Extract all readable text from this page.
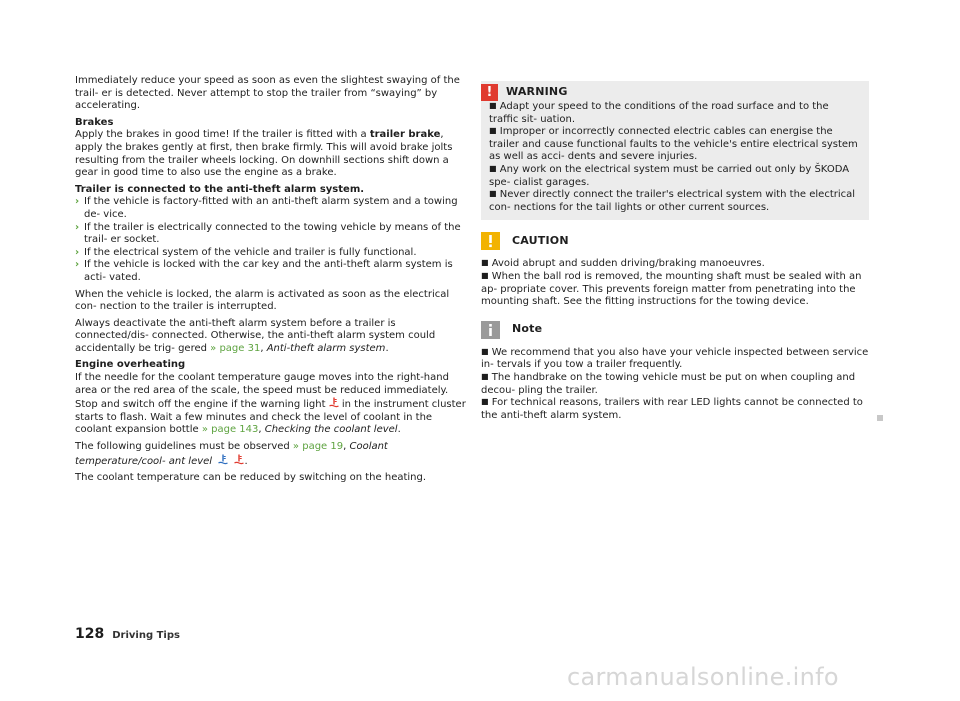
Immediately reduce your speed as soon as even the slightest swaying of the trail- er is detected. Never attempt to stop the trailer from “swaying” by accelerating.

Brakes
Apply the brakes in good time! If the trailer is fitted with a trailer brake, apply the brakes gently at first, then brake firmly. This will avoid brake jolts resulting from the trailer wheels locking. On downhill sections shift down a gear in good time to also use the engine as a brake.

Trailer is connected to the anti-theft alarm system.

› If the vehicle is factory-fitted with an anti-theft alarm system and a towing de- vice.

› If the trailer is electrically connected to the towing vehicle by means of the trail- er socket.

› If the electrical system of the vehicle and trailer is fully functional.

› If the vehicle is locked with the car key and the anti-theft alarm system is acti- vated.

When the vehicle is locked, the alarm is activated as soon as the electrical con- nection to the trailer is interrupted.

Always deactivate the anti-theft alarm system before a trailer is connected/dis- connected. Otherwise, the anti-theft alarm system could accidentally be trig- gered » page 31, Anti-theft alarm system.

Engine overheating
If the needle for the coolant temperature gauge moves into the right-hand area or the red area of the scale, the speed must be reduced immediately. Stop and switch off the engine if the warning light  in the instrument cluster starts to flash. Wait a few minutes and check the level of coolant in the coolant expansion bottle » page 143, Checking the coolant level.

The following guidelines must be observed » page 19, Coolant temperature/cool- ant level	.

The coolant temperature can be reduced by switching on the heating.

!	WARNING

■ Adapt your speed to the conditions of the road surface and to the traffic sit- uation.

■ Improper or incorrectly connected electric cables can energise the trailer and cause functional faults to the vehicle's entire electrical system as well as acci- dents and severe injuries.

■ Any work on the electrical system must be carried out only by ŠKODA spe- cialist garages.

■ Never directly connect the trailer's electrical system with the electrical con- nections for the tail lights or other current sources.

CAUTION

■ Avoid abrupt and sudden driving/braking manoeuvres.

■ When the ball rod is removed, the mounting shaft must be sealed with an ap- propriate cover. This prevents foreign matter from penetrating into the mounting shaft. See the fitting instructions for the towing device.

Note

■ We recommend that you also have your vehicle inspected between service in- tervals if you tow a trailer frequently.

■ The handbrake on the towing vehicle must be put on when coupling and decou- pling the trailer.

■ For technical reasons, trailers with rear LED lights cannot be connected to the anti-theft alarm system.

128 Driving Tips
carmanualsonline.info
